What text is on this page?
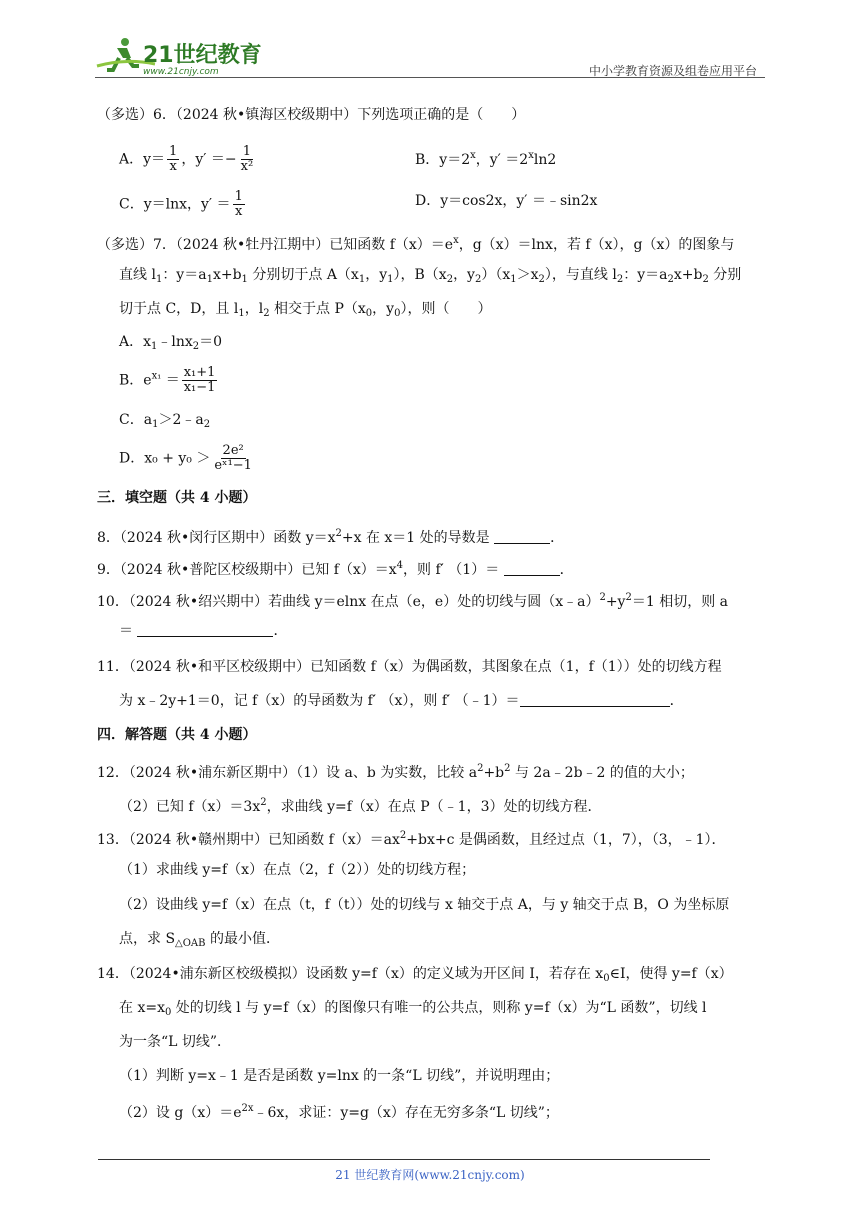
21世纪教育
www.21cnjy.com	中小学教育资源及组卷应用平台
（多选）6．（2024 秋•镇海区校级期中）下列选项正确的是（　　）
A．$y= \frac{1}{x}$ ，$y' =- \frac{1}{\text{x²}}$	B．$y=2^x$，$y' =2^x\ln 2$
C．y＝lnx，$y' = \frac{1}{x}$	D．y＝cos2x，y′ ＝﹣sin2x
（多选）7．（2024 秋•牡丹江期中）已知函数 $f(x)=e^x$，g（x）＝lnx，若 f（x），g（x）的图象与
直线 $l_1$：$y=a_1x+b_1$ 分别切于点 $A(x_1$，$y_1$），$B(x_2$，$y_2)(x_1>x_2)$，与直线 $l_2$：$y=a_2x+b_2$ 分别
切于点 C，D，且 $l_1$，$l_2$ 相交于点 $P(x_0$，$y_0$），则（　　）
A．$x_1﹣\ln x_2=0$
B．$e^{x_1} = \frac{\text{x₁+1}}{\text{x₁−1}}$
C．$a_1>2﹣a_2$
D．$x_0 + y_0 > \frac{\text{2e²}}{\text{eˣ¹−1}}$
三．填空题（共 4 小题）
8．（2024 秋•闵行区期中）函数 $y=x^2+x$ 在 x＝1 处的导数是	．
9．（2024 秋•普陀区校级期中）已知 $f(x)=x^4$，则 f′ （1）＝	．
10．（2024 秋•绍兴期中）若曲线 y＝elnx 在点（e，e）处的切线与圆$(x﹣a)^2+y^2=1$ 相切，则 a
＝	．
11．（2024 秋•和平区校级期中）已知函数 f（x）为偶函数，其图象在点（1，f（1））处的切线方程
为 x﹣2y+1＝0，记 f（x）的导函数为 f′ （x），则 f′ （﹣1）＝	．
四．解答题（共 4 小题）
12．（2024 秋•浦东新区期中）（1）设 a、b 为实数，比较 $a^2+b^2$ 与 2a﹣2b﹣2 的值的大小；
（2）已知 $f(x)=3x^2$，求曲线 y=f（x）在点 P（﹣1，3）处的切线方程．
13．（2024 秋•赣州期中）已知函数 $f(x)=ax^2+bx+c$ 是偶函数，且经过点（1，7），（3，﹣1）．
（1）求曲线 y=f（x）在点（2，f（2））处的切线方程；
（2）设曲线 y=f（x）在点（t，f（t））处的切线与 x 轴交于点 A，与 y 轴交于点 B，O 为坐标原
点，求 $S_{\triangle OAB}$ 的最小值．
14．（2024•浦东新区校级模拟）设函数 y=f（x）的定义域为开区间 I，若存在 $x_0\in I$，使得 y=f（x）
在 $x=x_0$ 处的切线 l 与 y=f（x）的图像只有唯一的公共点，则称 y=f（x）为“L 函数”，切线 l
为一条“L 切线”．
（1）判断 y=x﹣1 是否是函数 y=lnx 的一条“L 切线”，并说明理由；
（2）设 $g(x)=e^{2x}﹣6x$，求证：y=g（x）存在无穷多条“L 切线”；
21 世纪教育网(www.21cnjy.com)
